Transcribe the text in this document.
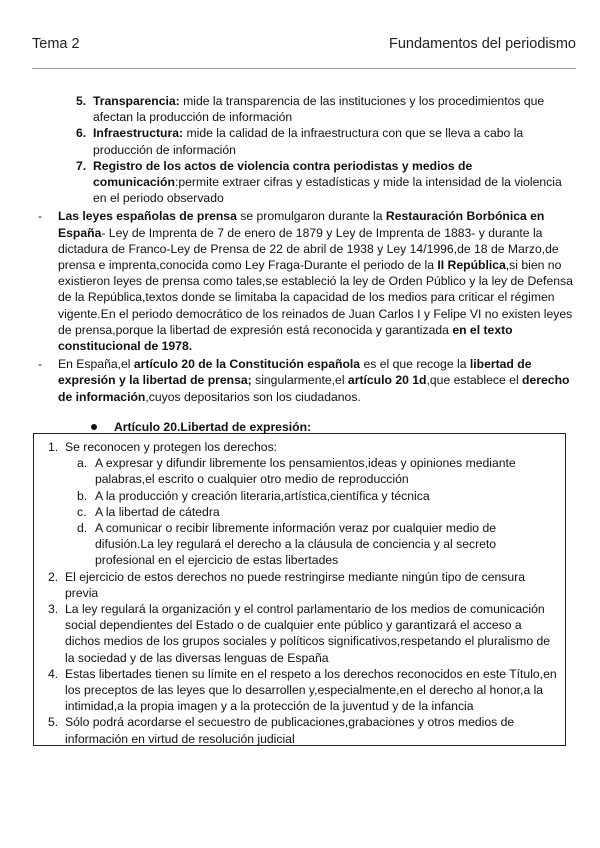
Tema 2	Fundamentos del periodismo
5. Transparencia: mide la transparencia de las instituciones y los procedimientos que afectan la producción de información
6. Infraestructura: mide la calidad de la infraestructura con que se lleva a cabo la producción de información
7. Registro de los actos de violencia contra periodistas y medios de comunicación:permite extraer cifras y estadísticas y mide la intensidad de la violencia en el periodo observado
- Las leyes españolas de prensa se promulgaron durante la Restauración Borbónica en España- Ley de Imprenta de 7 de enero de 1879 y Ley de Imprenta de 1883- y durante la dictadura de Franco-Ley de Prensa de 22 de abril de 1938 y Ley 14/1996,de 18 de Marzo,de prensa e imprenta,conocida como Ley Fraga-Durante el periodo de la II República,si bien no existieron leyes de prensa como tales,se estableció la ley de Orden Público y la ley de Defensa de la República,textos donde se limitaba la capacidad de los medios para criticar el régimen vigente.En el periodo democrático de los reinados de Juan Carlos I y Felipe VI no existen leyes de prensa,porque la libertad de expresión está reconocida y garantizada en el texto constitucional de 1978.
- En España,el artículo 20 de la Constitución española es el que recoge la libertad de expresión y la libertad de prensa; singularmente,el artículo 20 1d,que establece el derecho de información,cuyos depositarios son los ciudadanos.
Artículo 20.Libertad de expresión:
1. Se reconocen y protegen los derechos:
a. A expresar y difundir libremente los pensamientos,ideas y opiniones mediante palabras,el escrito o cualquier otro medio de reproducción
b. A la producción y creación literaria,artística,científica y técnica
c. A la libertad de cátedra
d. A comunicar o recibir libremente información veraz por cualquier medio de difusión.La ley regulará el derecho a la cláusula de conciencia y al secreto profesional en el ejercicio de estas libertades
2. El ejercicio de estos derechos no puede restringirse mediante ningún tipo de censura previa
3. La ley regulará la organización y el control parlamentario de los medios de comunicación social dependientes del Estado o de cualquier ente público y garantizará el acceso a dichos medios de los grupos sociales y políticos significativos,respetando el pluralismo de la sociedad y de las diversas lenguas de España
4. Estas libertades tienen su límite en el respeto a los derechos reconocidos en este Título,en los preceptos de las leyes que lo desarrollen y,especialmente,en el derecho al honor,a la intimidad,a la propia imagen y a la protección de la juventud y de la infancia
5. Sólo podrá acordarse el secuestro de publicaciones,grabaciones y otros medios de información en virtud de resolución judicial
